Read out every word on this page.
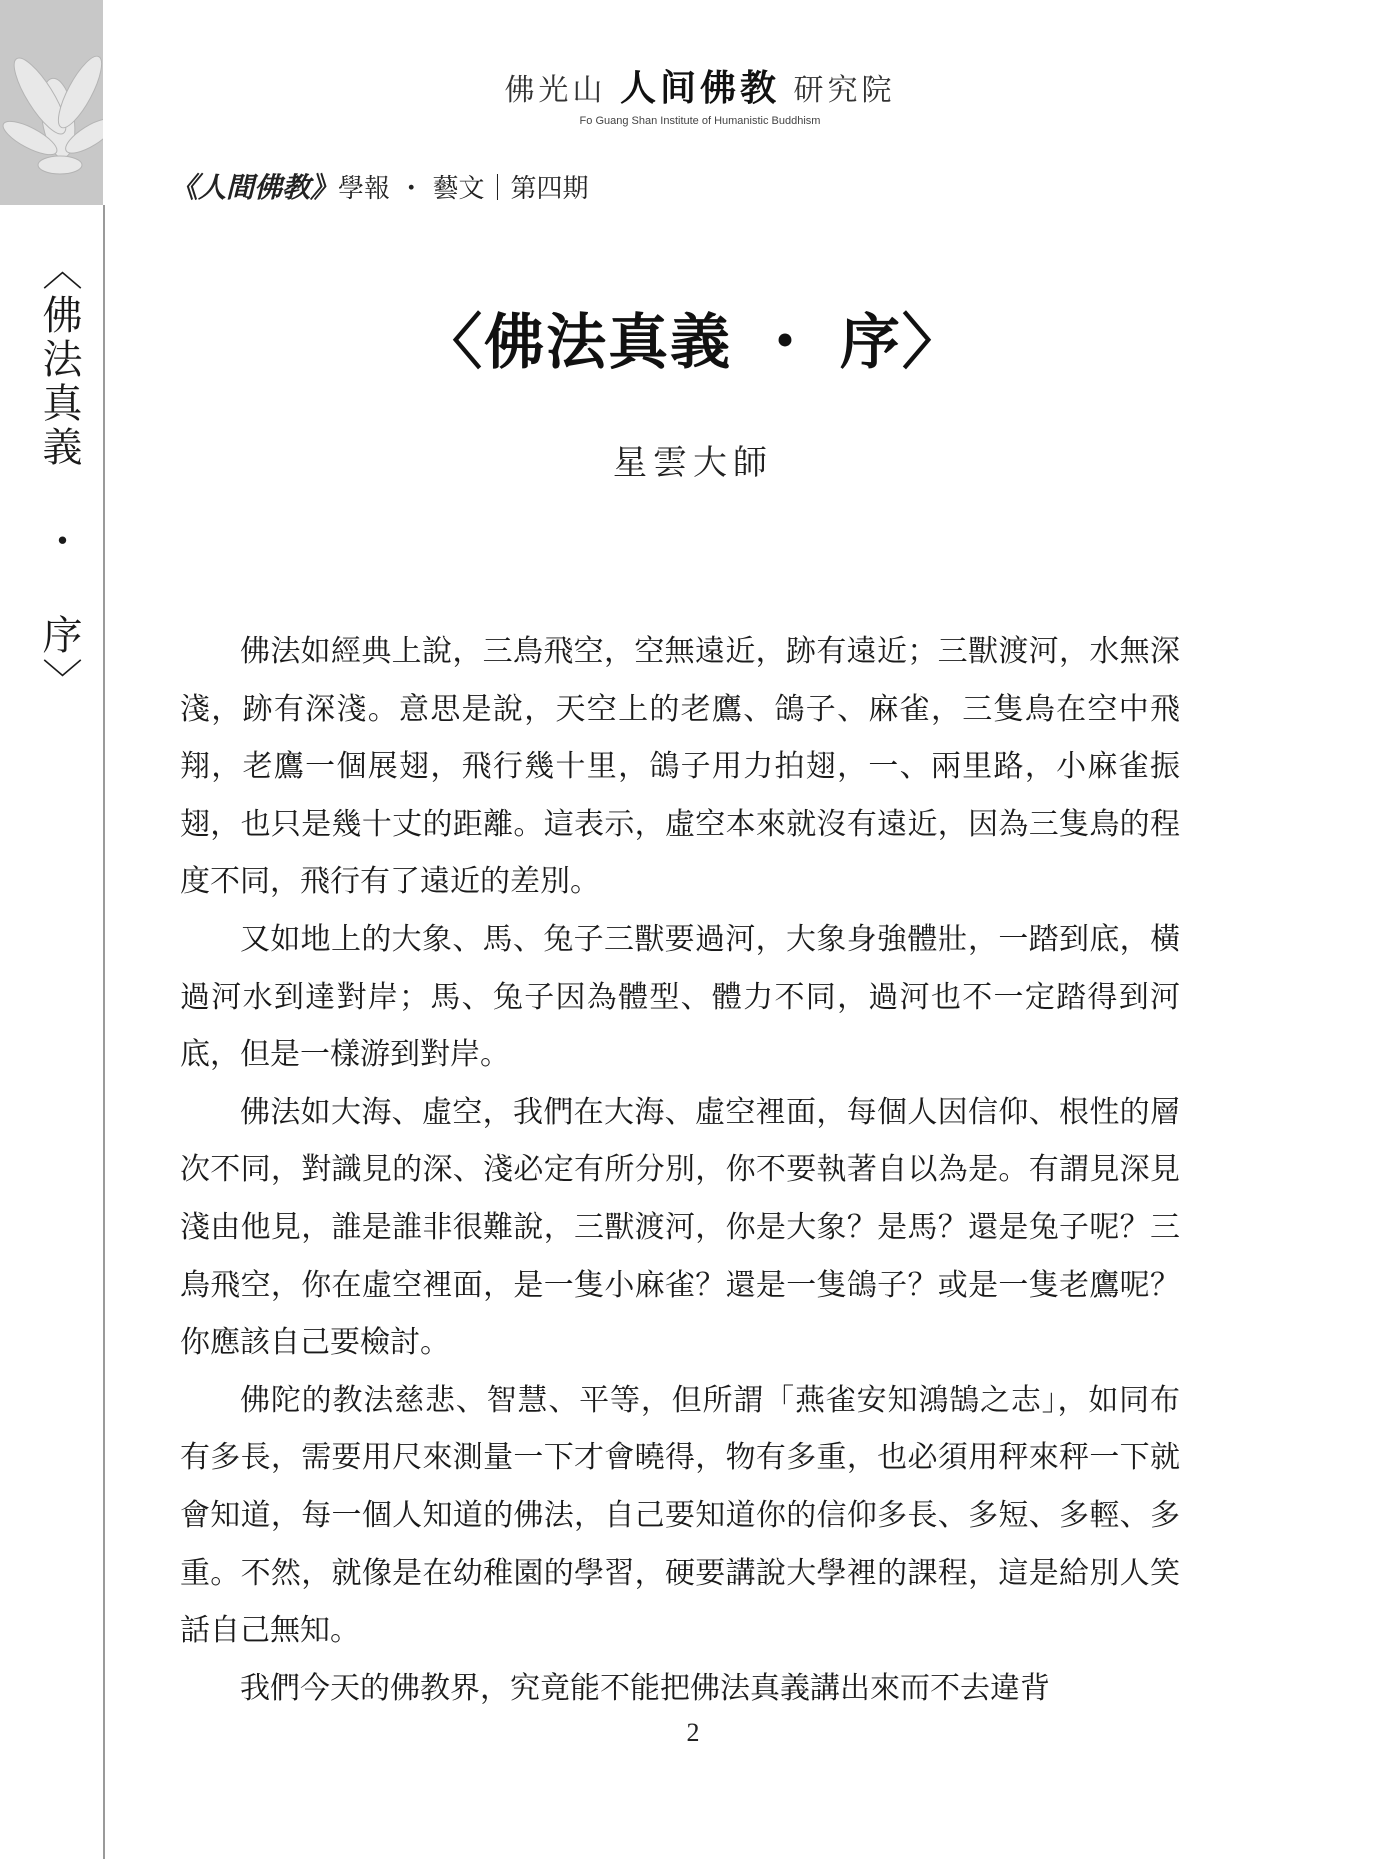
〈佛法真義 ・ 序〉
佛光山 人间佛教 研究院
Fo Guang Shan Institute of Humanistic Buddhism
《人間佛教》學報 ・ 藝文｜第四期
〈佛法真義 ・ 序〉
星雲大師

佛法如經典上說，三鳥飛空，空無遠近，跡有遠近；三獸渡河，水無深淺，跡有深淺。意思是說，天空上的老鷹、鴿子、麻雀，三隻鳥在空中飛翔，老鷹一個展翅，飛行幾十里，鴿子用力拍翅，一、兩里路，小麻雀振翅，也只是幾十丈的距離。這表示，虛空本來就沒有遠近，因為三隻鳥的程度不同，飛行有了遠近的差別。

又如地上的大象、馬、兔子三獸要過河，大象身強體壯，一踏到底，橫過河水到達對岸；馬、兔子因為體型、體力不同，過河也不一定踏得到河底，但是一樣游到對岸。

佛法如大海、虛空，我們在大海、虛空裡面，每個人因信仰、根性的層次不同，對識見的深、淺必定有所分別，你不要執著自以為是。有謂見深見淺由他見，誰是誰非很難說，三獸渡河，你是大象？是馬？還是兔子呢？三鳥飛空，你在虛空裡面，是一隻小麻雀？還是一隻鴿子？或是一隻老鷹呢？你應該自己要檢討。

佛陀的教法慈悲、智慧、平等，但所謂「燕雀安知鴻鵠之志」，如同布有多長，需要用尺來測量一下才會曉得，物有多重，也必須用秤來秤一下就會知道，每一個人知道的佛法，自己要知道你的信仰多長、多短、多輕、多重。不然，就像是在幼稚園的學習，硬要講說大學裡的課程，這是給別人笑話自己無知。

我們今天的佛教界，究竟能不能把佛法真義講出來而不去違背

2
